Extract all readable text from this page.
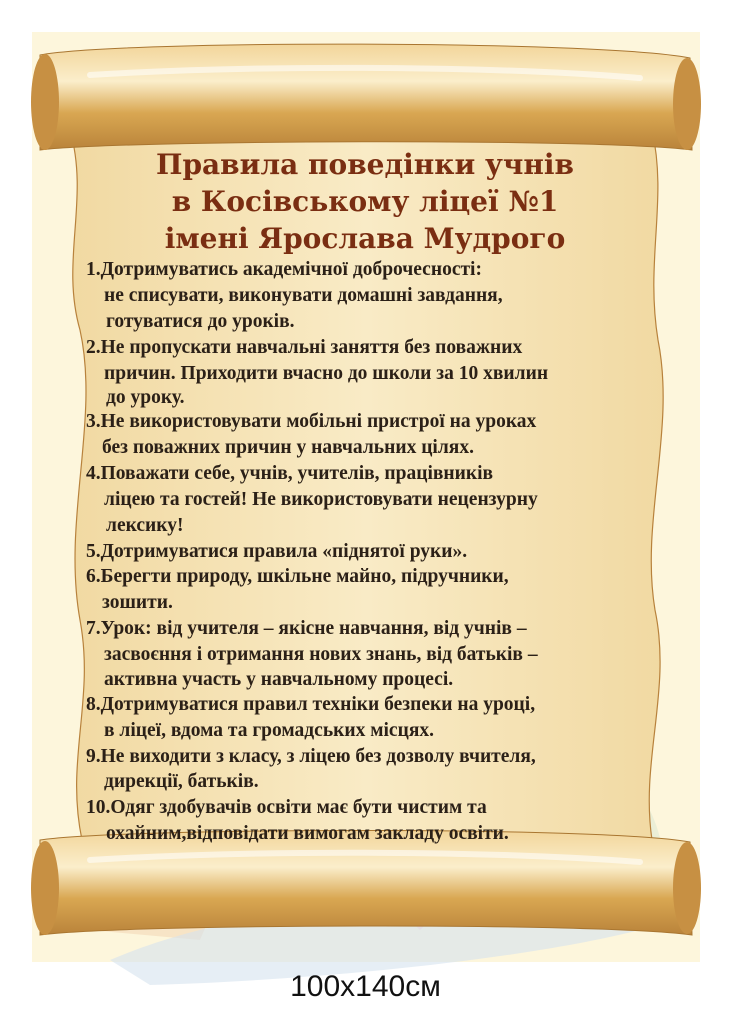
Правила поведінки учнів
в Косівському ліцеї №1
імені Ярослава Мудрого
1.Дотримуватись академічної доброчесності:
не списувати, виконувати домашні завдання,
готуватися до уроків.
2.Не пропускати навчальні заняття без поважних
причин. Приходити вчасно до школи за 10 хвилин
до уроку.
3.Не використовувати мобільні пристрої на уроках
без поважних причин у навчальних цілях.
4.Поважати себе, учнів, учителів, працівників
ліцею та гостей! Не використовувати нецензурну
лексику!
5.Дотримуватися правила «піднятої руки».
6.Берегти природу, шкільне майно, підручники,
зошити.
7.Урок: від учителя – якісне навчання, від учнів –
засвоєння і отримання нових знань, від батьків –
активна участь у навчальному процесі.
8.Дотримуватися правил техніки безпеки на уроці,
в ліцеї, вдома та громадських місцях.
9.Не виходити з класу, з ліцею без дозволу вчителя,
дирекції, батьків.
10.Одяг здобувачів освіти має бути чистим та
охайним,відповідати вимогам закладу освіти.
100x140см
